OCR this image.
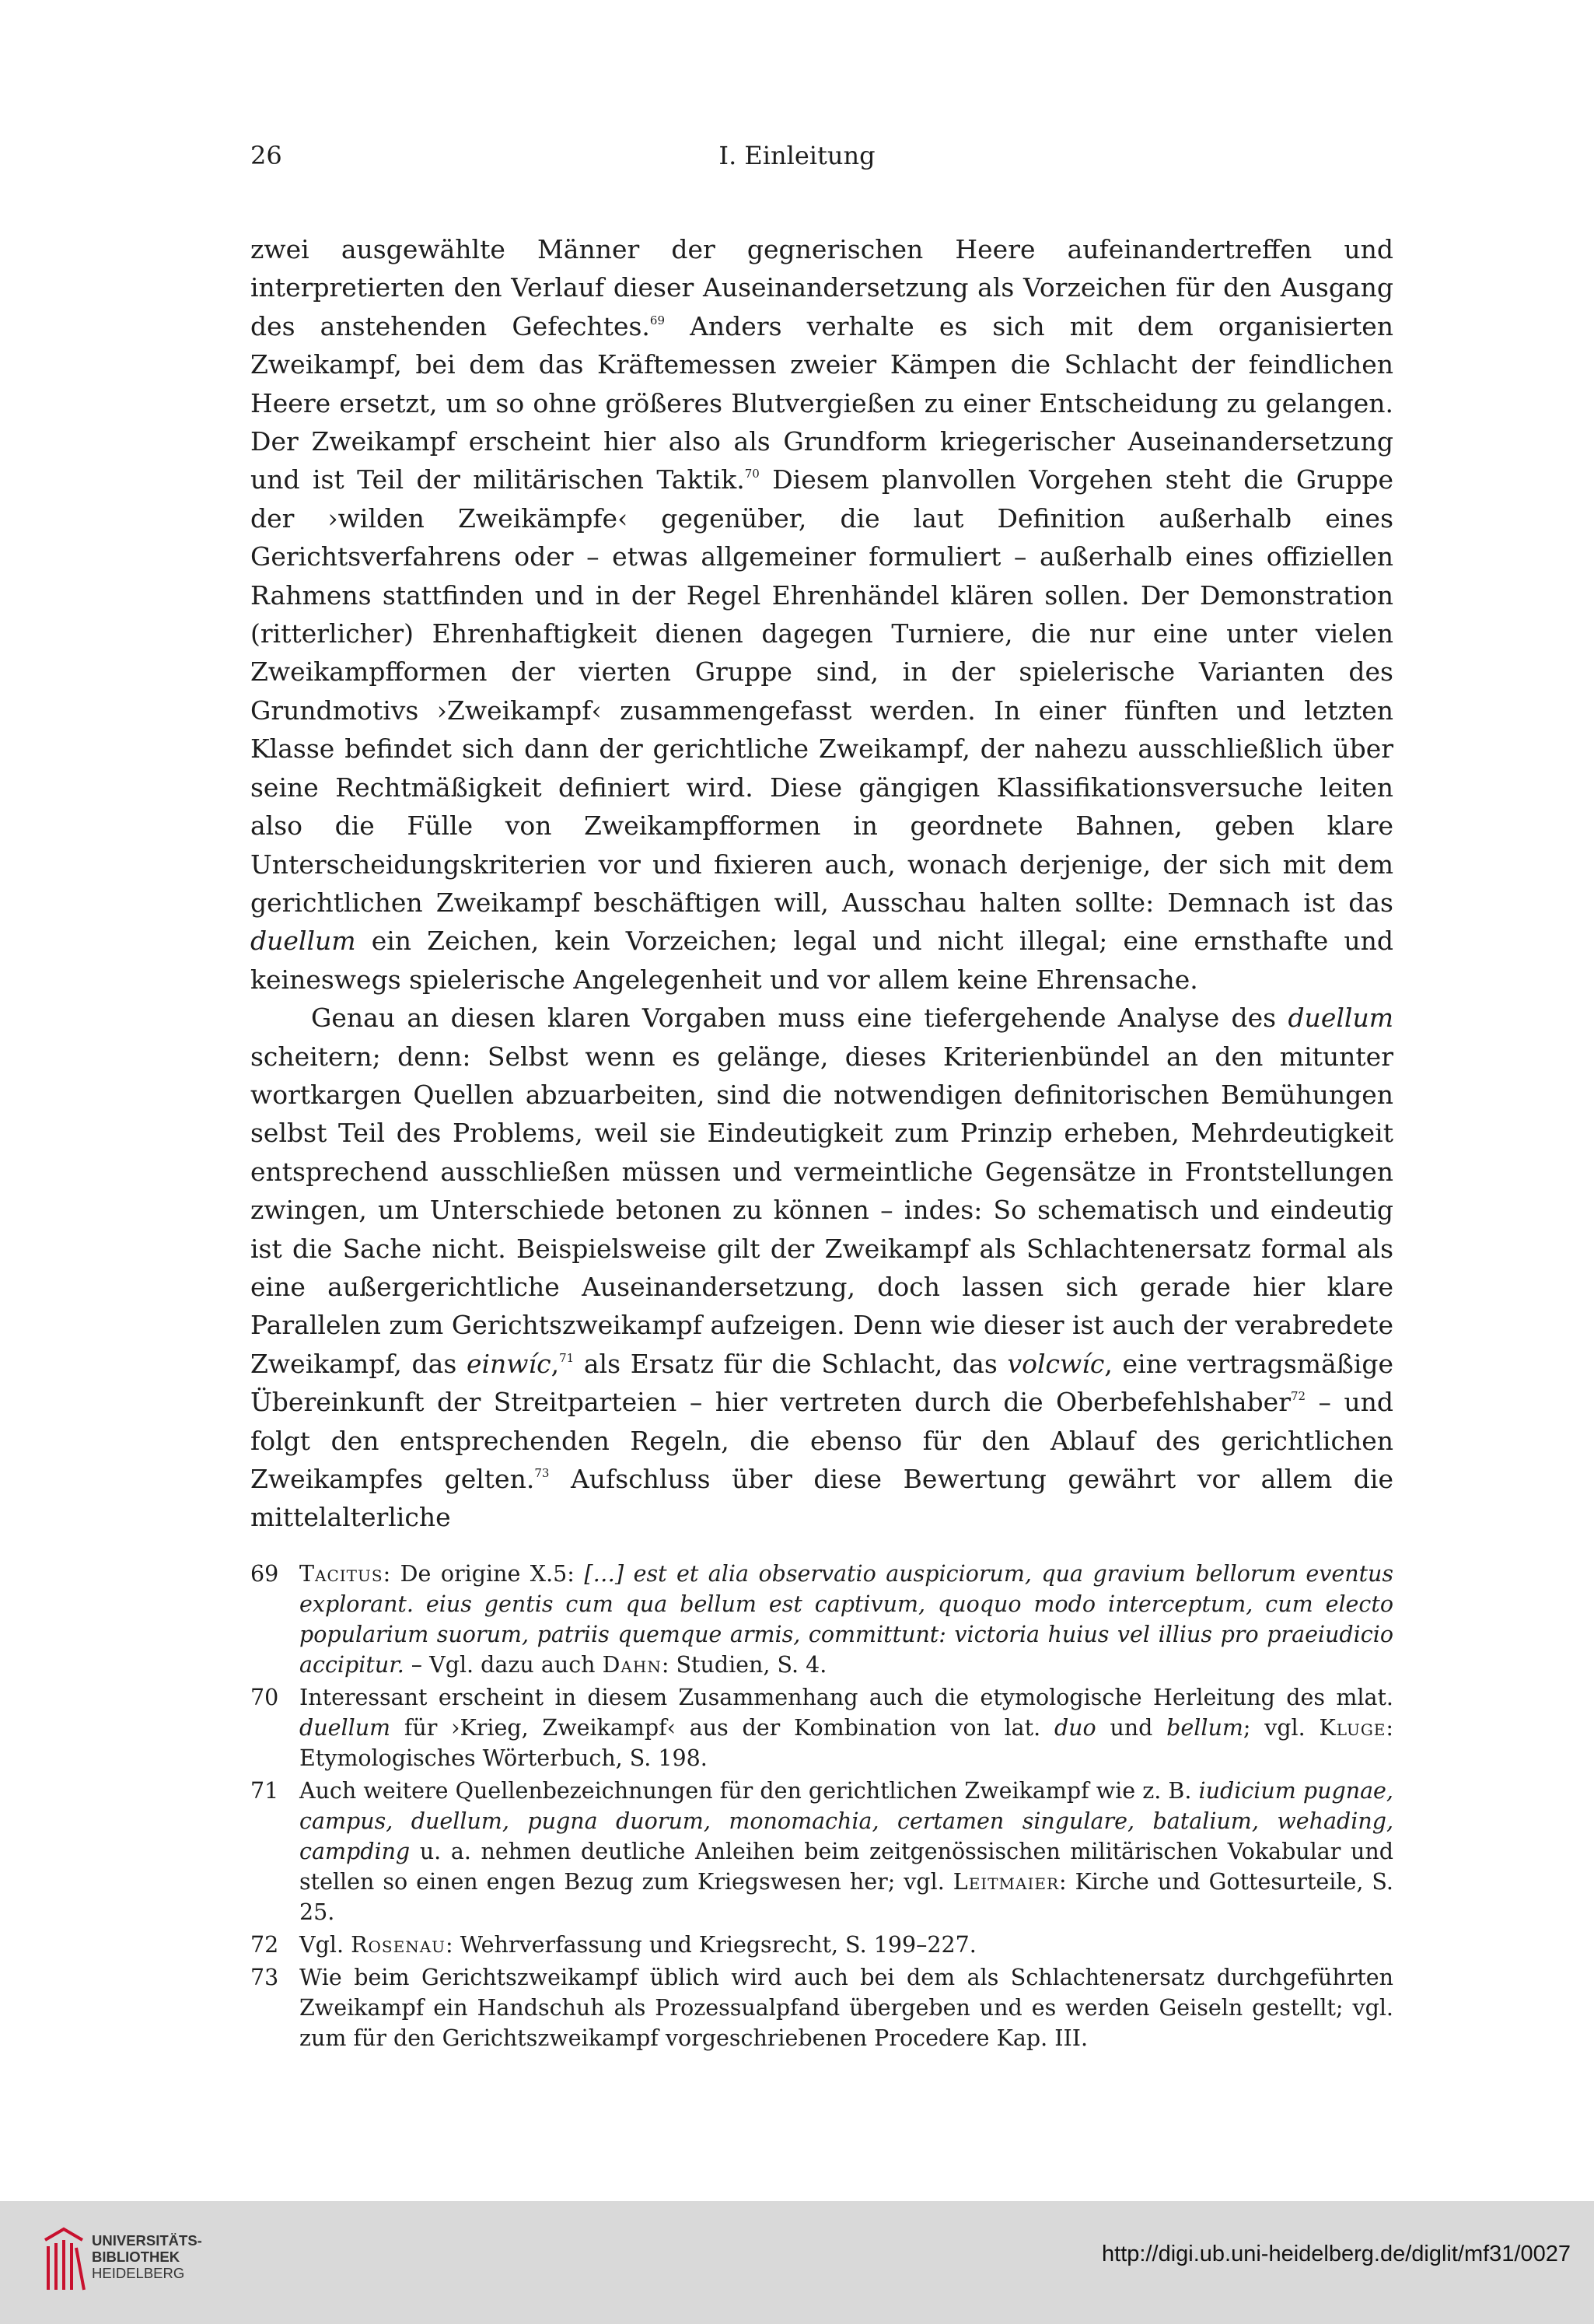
26	I. Einleitung

zwei ausgewählte Männer der gegnerischen Heere aufeinandertreffen und interpretierten den Verlauf dieser Auseinandersetzung als Vorzeichen für den Ausgang des anstehenden Gefechtes.$^{69}$ Anders verhalte es sich mit dem organisierten Zweikampf, bei dem das Kräftemessen zweier Kämpen die Schlacht der feindlichen Heere ersetzt, um so ohne größeres Blutvergießen zu einer Entscheidung zu gelangen. Der Zweikampf erscheint hier also als Grundform kriegerischer Auseinandersetzung und ist Teil der militärischen Taktik.$^{70}$ Diesem planvollen Vorgehen steht die Gruppe der ›wilden Zweikämpfe‹ gegenüber, die laut Definition außerhalb eines Gerichtsverfahrens oder – etwas allgemeiner formuliert – außerhalb eines offiziellen Rahmens stattfinden und in der Regel Ehrenhändel klären sollen. Der Demonstration (ritterlicher) Ehrenhaftigkeit dienen dagegen Turniere, die nur eine unter vielen Zweikampfformen der vierten Gruppe sind, in der spielerische Varianten des Grundmotivs ›Zweikampf‹ zusammengefasst werden. In einer fünften und letzten Klasse befindet sich dann der gerichtliche Zweikampf, der nahezu ausschließlich über seine Rechtmäßigkeit definiert wird. Diese gängigen Klassifikationsversuche leiten also die Fülle von Zweikampfformen in geordnete Bahnen, geben klare Unterscheidungskriterien vor und fixieren auch, wonach derjenige, der sich mit dem gerichtlichen Zweikampf beschäftigen will, Ausschau halten sollte: Demnach ist das duellum ein Zeichen, kein Vorzeichen; legal und nicht illegal; eine ernsthafte und keineswegs spielerische Angelegenheit und vor allem keine Ehrensache.

Genau an diesen klaren Vorgaben muss eine tiefergehende Analyse des duellum scheitern; denn: Selbst wenn es gelänge, dieses Kriterienbündel an den mitunter wortkargen Quellen abzuarbeiten, sind die notwendigen definitorischen Bemühungen selbst Teil des Problems, weil sie Eindeutigkeit zum Prinzip erheben, Mehrdeutigkeit entsprechend ausschließen müssen und vermeintliche Gegensätze in Frontstellungen zwingen, um Unterschiede betonen zu können – indes: So schematisch und eindeutig ist die Sache nicht. Beispielsweise gilt der Zweikampf als Schlachtenersatz formal als eine außergerichtliche Auseinandersetzung, doch lassen sich gerade hier klare Parallelen zum Gerichtszweikampf aufzeigen. Denn wie dieser ist auch der verabredete Zweikampf, das einwíc,$^{71}$ als Ersatz für die Schlacht, das volcwíc, eine vertragsmäßige Übereinkunft der Streitparteien – hier vertreten durch die Oberbefehlshaber$^{72}$ – und folgt den entsprechenden Regeln, die ebenso für den Ablauf des gerichtlichen Zweikampfes gelten.$^{73}$ Aufschluss über diese Bewertung gewährt vor allem die mittelalterliche

69 Tacitus: De origine X.5: […] est et alia observatio auspiciorum, qua gravium bellorum eventus explorant. eius gentis cum qua bellum est captivum, quoquo modo interceptum, cum electo popularium suorum, patriis quemque armis, committunt: victoria huius vel illius pro praeiudicio accipitur. – Vgl. dazu auch Dahn: Studien, S. 4.
70 Interessant erscheint in diesem Zusammenhang auch die etymologische Herleitung des mlat. duellum für ›Krieg, Zweikampf‹ aus der Kombination von lat. duo und bellum; vgl. Kluge: Etymologisches Wörterbuch, S. 198.
71 Auch weitere Quellenbezeichnungen für den gerichtlichen Zweikampf wie z. B. iudicium pugnae, campus, duellum, pugna duorum, monomachia, certamen singulare, batalium, wehading, campding u. a. nehmen deutliche Anleihen beim zeitgenössischen militärischen Vokabular und stellen so einen engen Bezug zum Kriegswesen her; vgl. Leitmaier: Kirche und Gottesurteile, S. 25.
72 Vgl. Rosenau: Wehrverfassung und Kriegsrecht, S. 199–227.
73 Wie beim Gerichtszweikampf üblich wird auch bei dem als Schlachtenersatz durchgeführten Zweikampf ein Handschuh als Prozessualpfand übergeben und es werden Geiseln gestellt; vgl. zum für den Gerichtszweikampf vorgeschriebenen Procedere Kap. III.
UNIVERSITÄTS-
BIBLIOTHEK
HEIDELBERG
http://digi.ub.uni-heidelberg.de/diglit/mf31/0027
